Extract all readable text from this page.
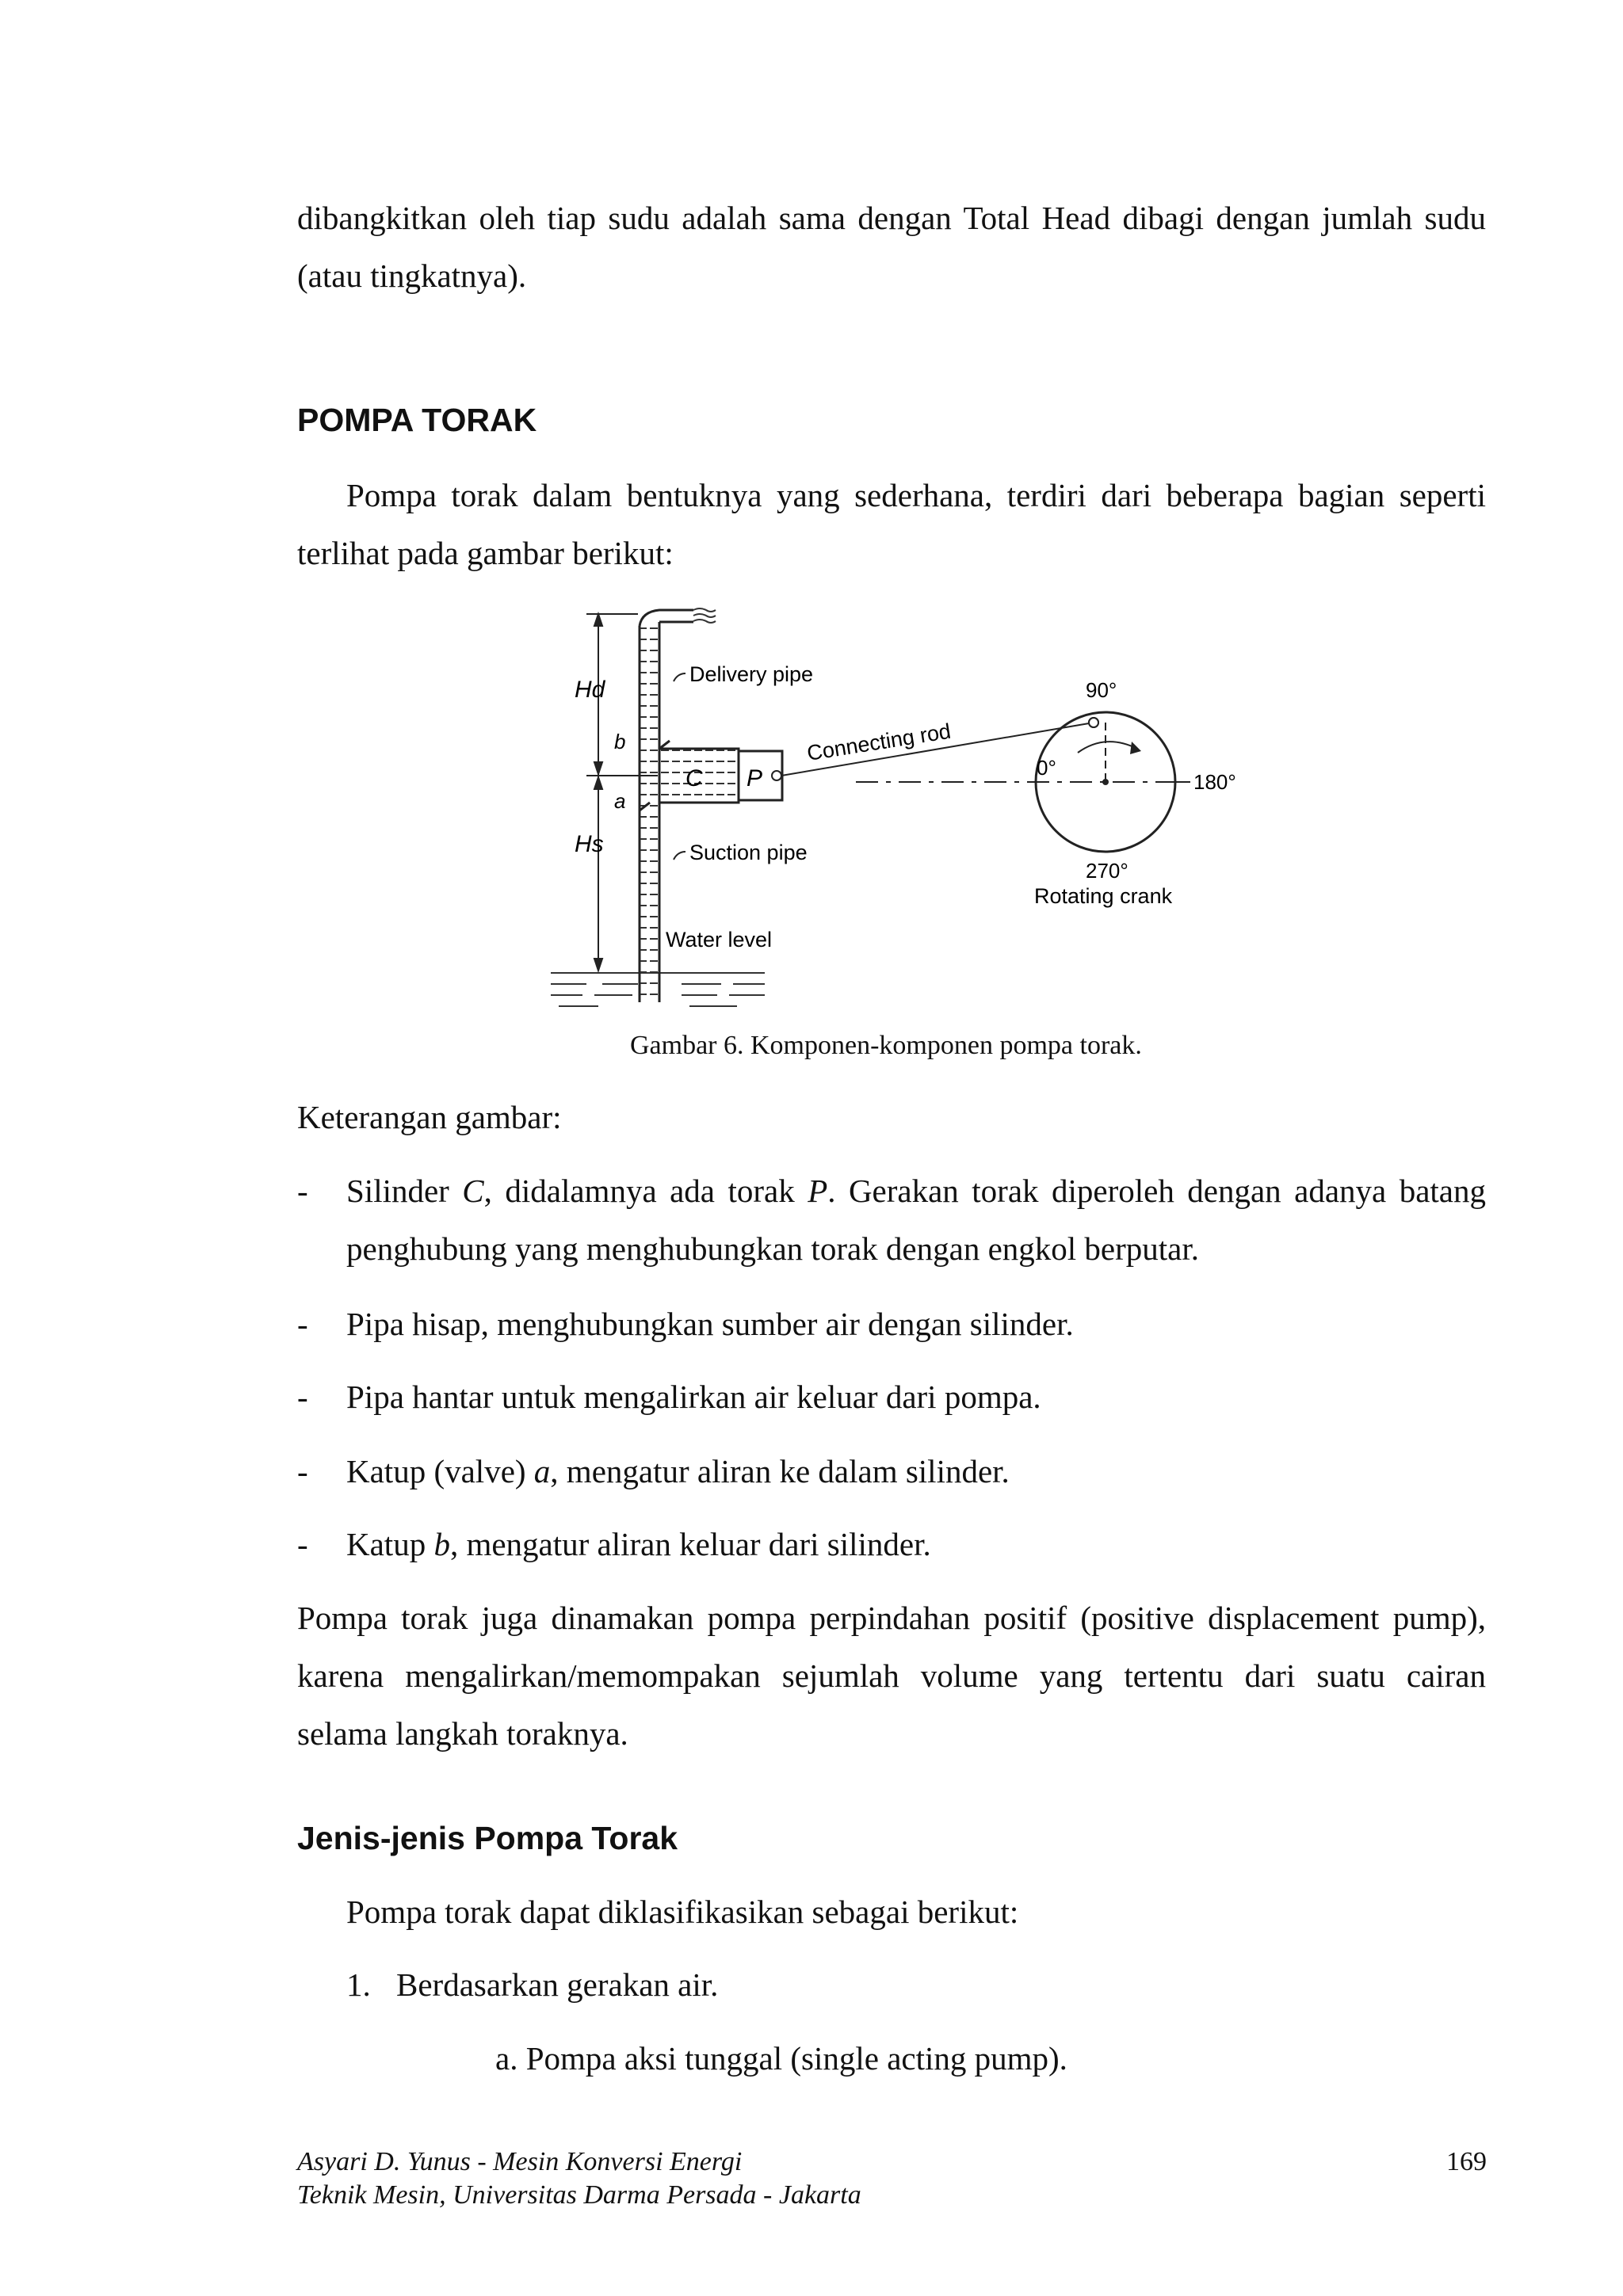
dibangkitkan oleh tiap sudu adalah sama dengan Total Head dibagi dengan jumlah sudu
(atau tingkatnya).
POMPA TORAK
Pompa torak dalam bentuknya yang sederhana, terdiri dari beberapa bagian seperti
terlihat pada gambar berikut:
Hd
b
a
Hs
C P
Delivery pipe
Suction pipe
Water level
Connecting rod
0°
90°
180°
270°
Rotating crank
Gambar 6. Komponen-komponen pompa torak.
Keterangan gambar:
- Silinder C, didalamnya ada torak P. Gerakan torak diperoleh dengan adanya batang
penghubung yang menghubungkan torak dengan engkol berputar.
- Pipa hisap, menghubungkan sumber air dengan silinder.
- Pipa hantar untuk mengalirkan air keluar dari pompa.
- Katup (valve) a, mengatur aliran ke dalam silinder.
- Katup b, mengatur aliran keluar dari silinder.
Pompa torak juga dinamakan pompa perpindahan positif (positive displacement pump),
karena mengalirkan/memompakan sejumlah volume yang tertentu dari suatu cairan
selama langkah toraknya.
Jenis-jenis Pompa Torak
Pompa torak dapat diklasifikasikan sebagai berikut:
1. Berdasarkan gerakan air.
a. Pompa aksi tunggal (single acting pump).
Asyari D. Yunus - Mesin Konversi Energi
Teknik Mesin, Universitas Darma Persada - Jakarta
169
